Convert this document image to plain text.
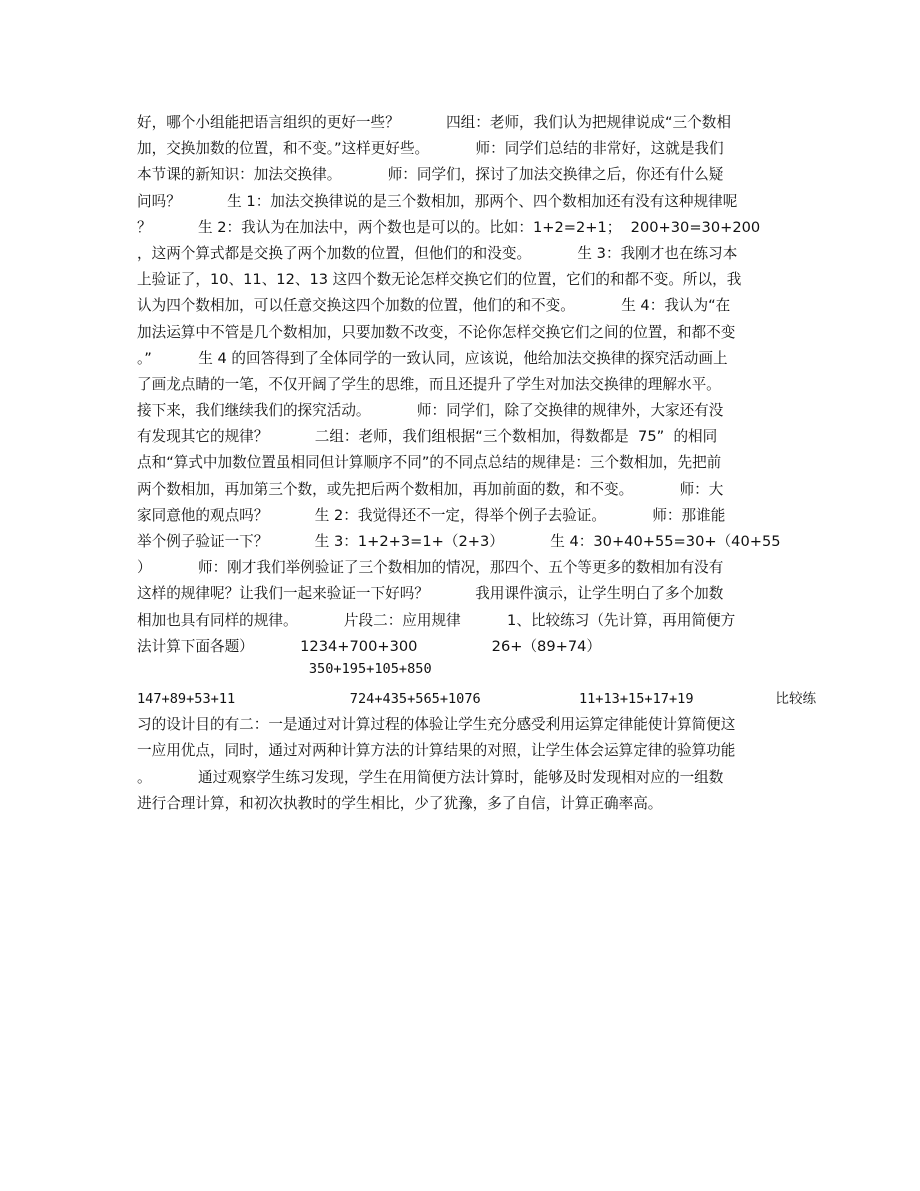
好，哪个小组能把语言组织的更好一些？          四组：老师，我们认为把规律说成“三个数相
加，交换加数的位置，和不变。”这样更好些。          师：同学们总结的非常好，这就是我们
本节课的新知识：加法交换律。          师：同学们，探讨了加法交换律之后，你还有什么疑
问吗？          生 1：加法交换律说的是三个数相加，那两个、四个数相加还有没有这种规律呢
？          生 2：我认为在加法中，两个数也是可以的。比如：1+2=2+1；  200+30=30+200
，这两个算式都是交换了两个加数的位置，但他们的和没变。          生 3：我刚才也在练习本
上验证了，10、11、12、13 这四个数无论怎样交换它们的位置，它们的和都不变。所以，我
认为四个数相加，可以任意交换这四个加数的位置，他们的和不变。          生 4：我认为“在
加法运算中不管是几个数相加，只要加数不改变，不论你怎样交换它们之间的位置，和都不变
。”          生 4 的回答得到了全体同学的一致认同，应该说，他给加法交换律的探究活动画上
了画龙点睛的一笔，不仅开阔了学生的思维，而且还提升了学生对加法交换律的理解水平。
接下来，我们继续我们的探究活动。          师：同学们，除了交换律的规律外，大家还有没
有发现其它的规律？          二组：老师，我们组根据“三个数相加，得数都是  75”  的相同
点和“算式中加数位置虽相同但计算顺序不同”的不同点总结的规律是：三个数相加，先把前
两个数相加，再加第三个数，或先把后两个数相加，再加前面的数，和不变。          师：大
家同意他的观点吗？          生 2：我觉得还不一定，得举个例子去验证。          师：那谁能
举个例子验证一下？          生 3：1+2+3=1+（2+3）          生 4：30+40+55=30+（40+55
）          师：刚才我们举例验证了三个数相加的情况，那四个、五个等更多的数相加有没有
这样的规律呢？让我们一起来验证一下好吗？          我用课件演示，让学生明白了多个加数
相加也具有同样的规律。          片段二：应用规律          1、比较练习（先计算，再用简便方
法计算下面各题）          1234+700+300                26+（89+74）
350+195+105+850
147+89+53+11              724+435+565+1076            11+13+15+17+19          比较练
习的设计目的有二：一是通过对计算过程的体验让学生充分感受利用运算定律能使计算简便这
一应用优点，同时，通过对两种计算方法的计算结果的对照，让学生体会运算定律的验算功能
。          通过观察学生练习发现，学生在用简便方法计算时，能够及时发现相对应的一组数
进行合理计算，和初次执教时的学生相比，少了犹豫，多了自信，计算正确率高。
